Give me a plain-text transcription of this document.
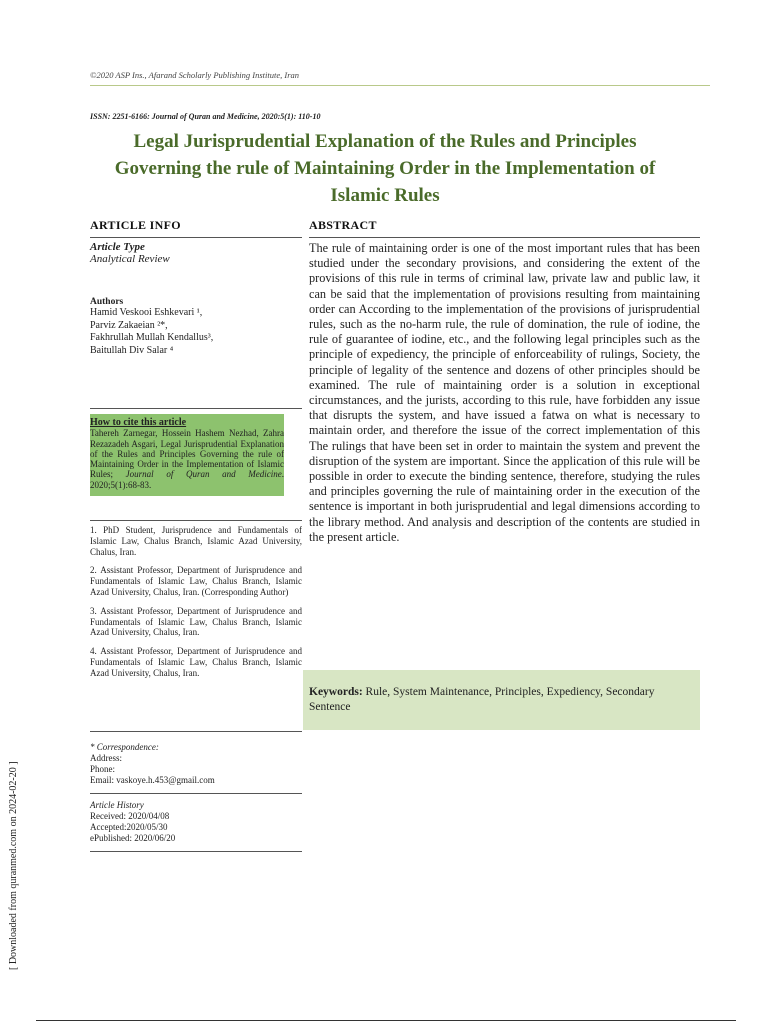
©2020 ASP Ins., Afarand Scholarly Publishing Institute, Iran
ISSN: 2251-6166: Journal of Quran and Medicine, 2020:5(1): 110-10
Legal Jurisprudential Explanation of the Rules and Principles Governing the rule of Maintaining Order in the Implementation of Islamic Rules
ARTICLE INFO
Article Type
Analytical Review
Authors
Hamid Veskooi Eshkevari ¹,
Parviz Zakaeian ²*,
Fakhrullah Mullah Kendallus³,
Baitullah Div Salar ⁴
How to cite this article
Tahereh Zarnegar, Hossein Hashem Nezhad, Zahra Rezazadeh Asgari, Legal Jurisprudential Explanation of the Rules and Principles Governing the rule of Maintaining Order in the Implementation of Islamic Rules; Journal of Quran and Medicine. 2020;5(1):68-83.
1. PhD Student, Jurisprudence and Fundamentals of Islamic Law, Chalus Branch, Islamic Azad University, Chalus, Iran.
2. Assistant Professor, Department of Jurisprudence and Fundamentals of Islamic Law, Chalus Branch, Islamic Azad University, Chalus, Iran. (Corresponding Author)
3. Assistant Professor, Department of Jurisprudence and Fundamentals of Islamic Law, Chalus Branch, Islamic Azad University, Chalus, Iran.
4. Assistant Professor, Department of Jurisprudence and Fundamentals of Islamic Law, Chalus Branch, Islamic Azad University, Chalus, Iran.
* Correspondence:
Address:
Phone:
Email: vaskoye.h.453@gmail.com
Article History
Received: 2020/04/08
Accepted:2020/05/30
ePublished: 2020/06/20
ABSTRACT
The rule of maintaining order is one of the most important rules that has been studied under the secondary provisions, and considering the extent of the provisions of this rule in terms of criminal law, private law and public law, it can be said that the implementation of provisions resulting from maintaining order can According to the implementation of the provisions of jurisprudential rules, such as the no-harm rule, the rule of domination, the rule of iodine, the rule of guarantee of iodine, etc., and the following legal principles such as the principle of expediency, the principle of enforceability of rulings, Society, the principle of legality of the sentence and dozens of other principles should be examined. The rule of maintaining order is a solution in exceptional circumstances, and the jurists, according to this rule, have forbidden any issue that disrupts the system, and have issued a fatwa on what is necessary to maintain order, and therefore the issue of the correct implementation of this The rulings that have been set in order to maintain the system and prevent the disruption of the system are important. Since the application of this rule will be possible in order to execute the binding sentence, therefore, studying the rules and principles governing the rule of maintaining order in the execution of the sentence is important in both jurisprudential and legal dimensions according to the library method. And analysis and description of the contents are studied in the present article.
Keywords: Rule, System Maintenance, Principles, Expediency, Secondary Sentence
[ Downloaded from quranmed.com on 2024-02-20 ]
